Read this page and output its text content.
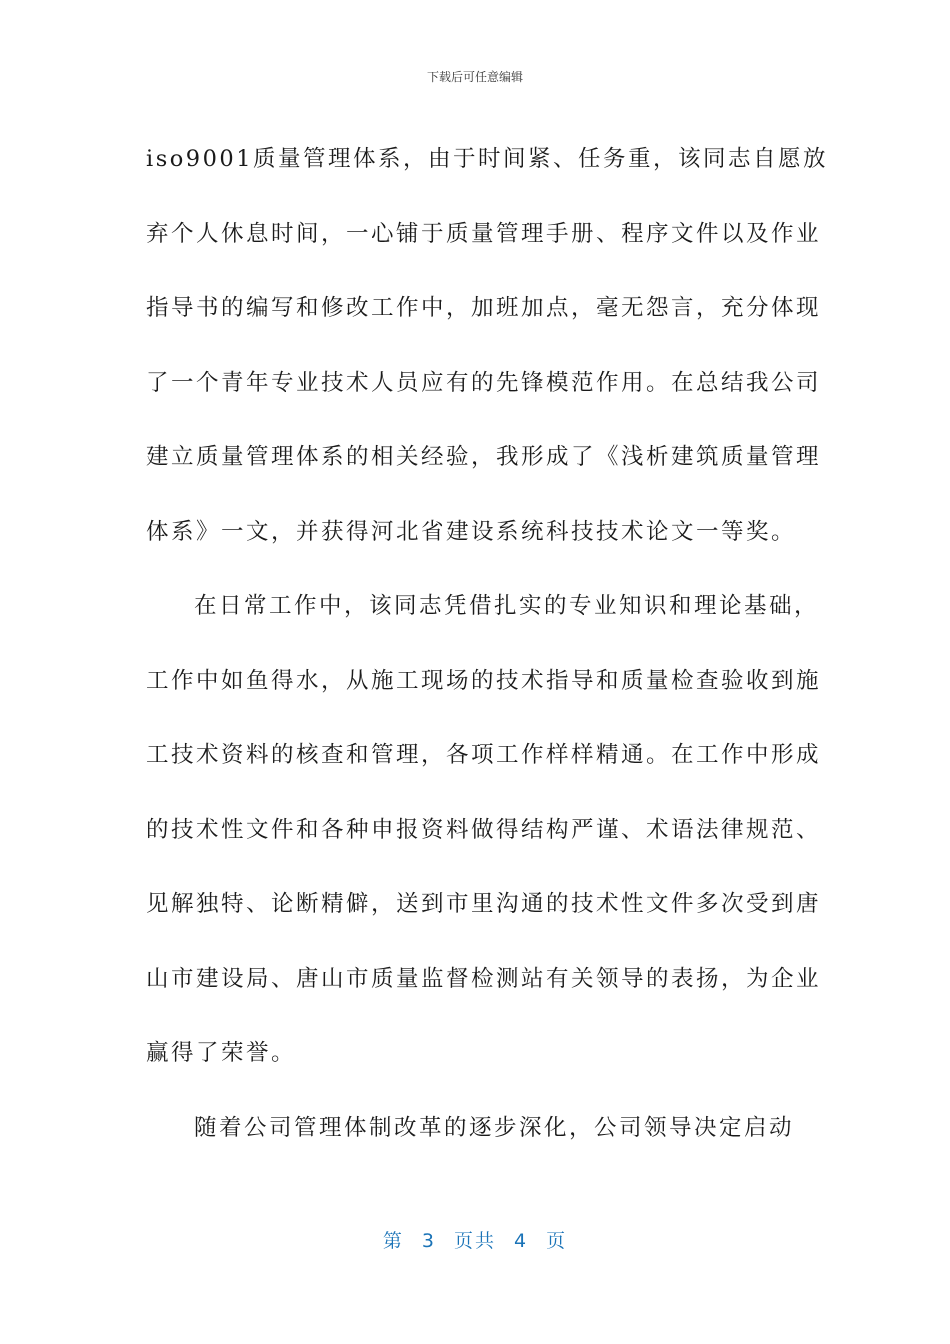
下载后可任意编辑
iso9001质量管理体系，由于时间紧、任务重，该同志自愿放
弃个人休息时间，一心铺于质量管理手册、程序文件以及作业
指导书的编写和修改工作中，加班加点，毫无怨言，充分体现
了一个青年专业技术人员应有的先锋模范作用。在总结我公司
建立质量管理体系的相关经验，我形成了《浅析建筑质量管理
体系》一文，并获得河北省建设系统科技技术论文一等奖。
在日常工作中，该同志凭借扎实的专业知识和理论基础，
工作中如鱼得水，从施工现场的技术指导和质量检查验收到施
工技术资料的核查和管理，各项工作样样精通。在工作中形成
的技术性文件和各种申报资料做得结构严谨、术语法律规范、
见解独特、论断精僻，送到市里沟通的技术性文件多次受到唐
山市建设局、唐山市质量监督检测站有关领导的表扬，为企业
赢得了荣誉。
随着公司管理体制改革的逐步深化，公司领导决定启动
第 3 页共 4 页
